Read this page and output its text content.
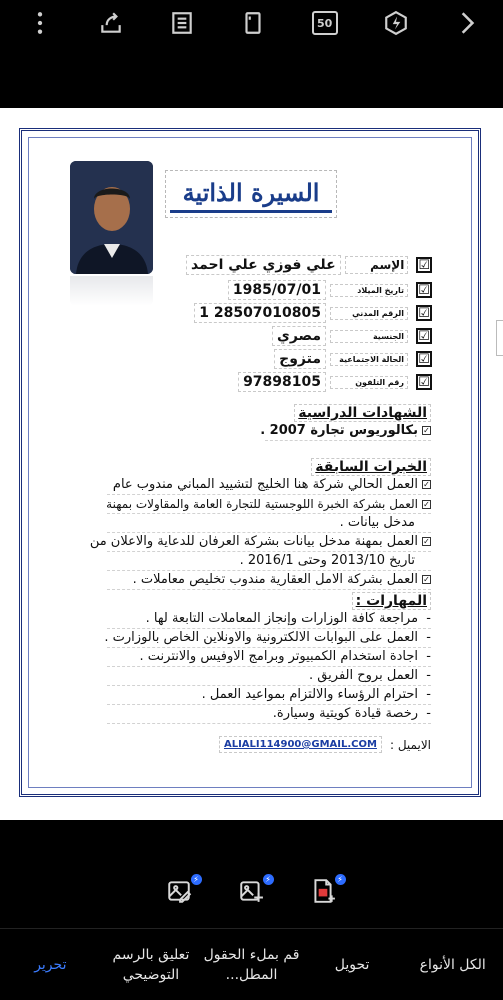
50
السيرة الذاتية
☑
الإسم
علي فوزي علي احمد
☑
تاريخ الميلاد
1985/07/01
☑
الرقم المدني
28507010805 1
☑
الجنسية
مصري
☑
الحالة الاجتماعية
متزوج
☑
رقم التلفون
97898105
الشهادات الدراسية
✓بكالوريوس تجارة 2007 .
الخبرات السابقة
✓العمل الحالي شركة هنا الخليج لتشييد المباني مندوب عام
✓العمل بشركة الخبرة اللوجستية للتجارة العامة والمقاولات بمهنة
مدخل بيانات .
✓العمل بمهنة مدخل بيانات بشركة العرفان للدعاية والاعلان من
تاريخ 2013/10 وحتى 2016/1 .
✓العمل بشركة الامل العقارية مندوب تخليص معاملات .
المهارات :
-  مراجعة كافة الوزارات وإنجاز المعاملات التابعة لها .
-  العمل على البوابات الالكترونية والاونلاين الخاص بالوزارت .
-  اجادة استخدام الكمبيوتر وبرامج الاوفيس والانترنت .
-  العمل بروح الفريق .
-  احترام الرؤساء والالتزام بمواعيد العمل .
-  رخصة قيادة كويتية وسيارة.
الايميل :
ALIALI114900@GMAIL.COM
⚡	⚡	⚡
الكل الأنواع
تحويل
قم بملء الحقول المطل...
تعليق بالرسم التوضيحي
تحرير
